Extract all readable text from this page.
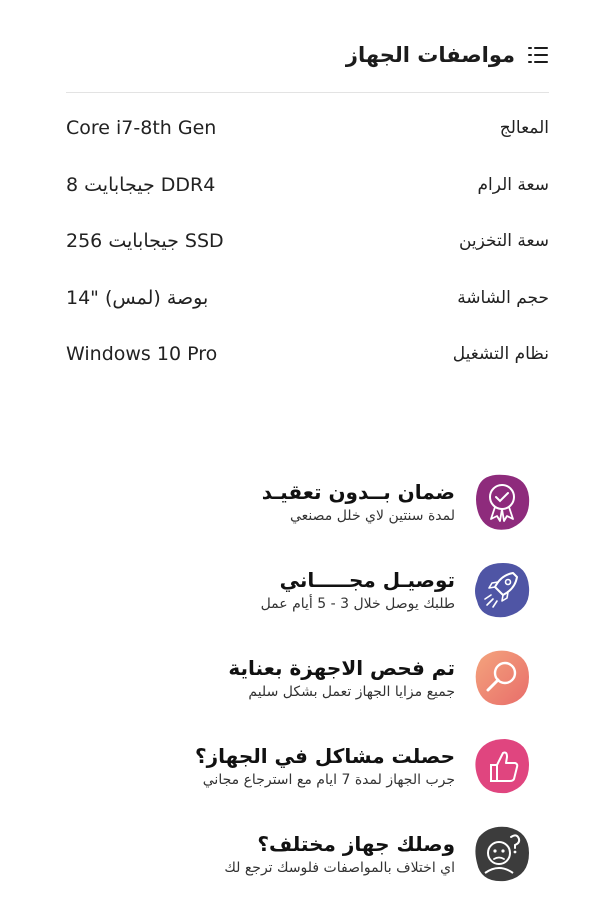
مواصفات الجهاز
Core i7-8th Gen	المعالج
8 جيجابايت DDR4	سعة الرام
256 جيجابايت SSD	سعة التخزين
14" بوصة (لمس)	حجم الشاشة
Windows 10 Pro	نظام التشغيل
ضمان بــدون تعقيـد
لمدة سنتين لاي خلل مصنعي
توصيـل مجـــــاني
طلبك يوصل خلال 3 - 5 أيام عمل
تم فحص الاجهزة بعناية
جميع مزايا الجهاز تعمل بشكل سليم
حصلت مشاكل في الجهاز؟
جرب الجهاز لمدة 7 ايام مع استرجاع مجاني
وصلك جهاز مختلف؟
اي اختلاف بالمواصفات فلوسك ترجع لك
